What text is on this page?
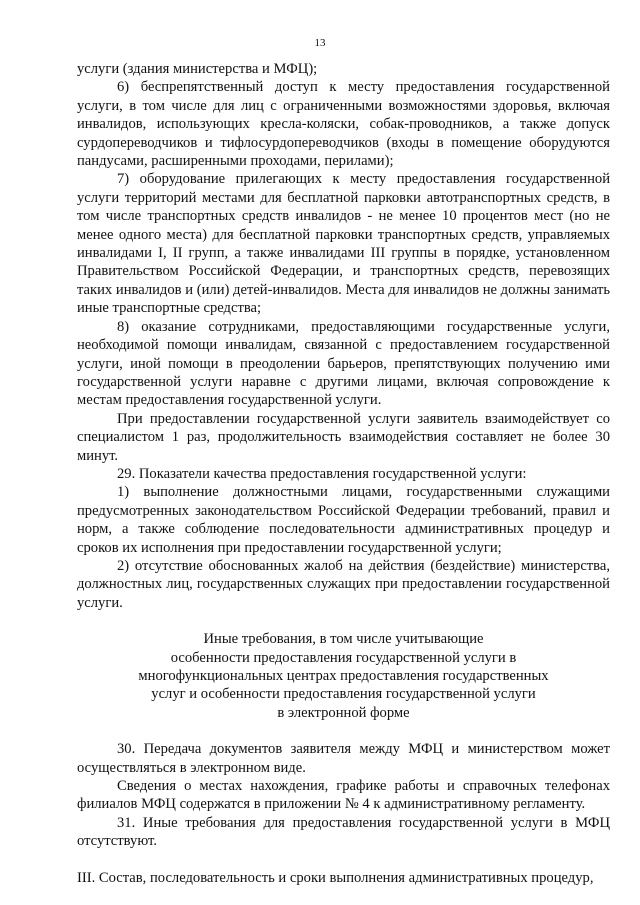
13

услуги (здания министерства и МФЦ);

6) беспрепятственный доступ к месту предоставления государственной услуги, в том числе для лиц с ограниченными возможностями здоровья, включая инвалидов, использующих кресла-коляски, собак-проводников, а также допуск сурдопереводчиков и тифлосурдопереводчиков (входы в помещение оборудуются пандусами, расширенными проходами, перилами);

7) оборудование прилегающих к месту предоставления государственной услуги территорий местами для бесплатной парковки автотранспортных средств, в том числе транспортных средств инвалидов - не менее 10 процентов мест (но не менее одного места) для бесплатной парковки транспортных средств, управляемых инвалидами I, II групп, а также инвалидами III группы в порядке, установленном Правительством Российской Федерации, и транспортных средств, перевозящих таких инвалидов и (или) детей-инвалидов. Места для инвалидов не должны занимать иные транспортные средства;

8) оказание сотрудниками, предоставляющими государственные услуги, необходимой помощи инвалидам, связанной с предоставлением государственной услуги, иной помощи в преодолении барьеров, препятствующих получению ими государственной услуги наравне с другими лицами, включая сопровождение к местам предоставления государственной услуги.

При предоставлении государственной услуги заявитель взаимодействует со специалистом 1 раз, продолжительность взаимодействия составляет не более 30 минут.

29. Показатели качества предоставления государственной услуги:

1) выполнение должностными лицами, государственными служащими предусмотренных законодательством Российской Федерации требований, правил и норм, а также соблюдение последовательности административных процедур и сроков их исполнения при предоставлении государственной услуги;

2) отсутствие обоснованных жалоб на действия (бездействие) министерства, должностных лиц, государственных служащих при предоставлении государственной услуги.

Иные требования, в том числе учитывающие
особенности предоставления государственной услуги в
многофункциональных центрах предоставления государственных
услуг и особенности предоставления государственной услуги
в электронной форме

30. Передача документов заявителя между МФЦ и министерством может осуществляться в электронном виде.

Сведения о местах нахождения, графике работы и справочных телефонах филиалов МФЦ содержатся в приложении № 4 к административному регламенту.

31. Иные требования для предоставления государственной услуги в МФЦ отсутствуют.

III. Состав, последовательность и сроки выполнения административных процедур,
